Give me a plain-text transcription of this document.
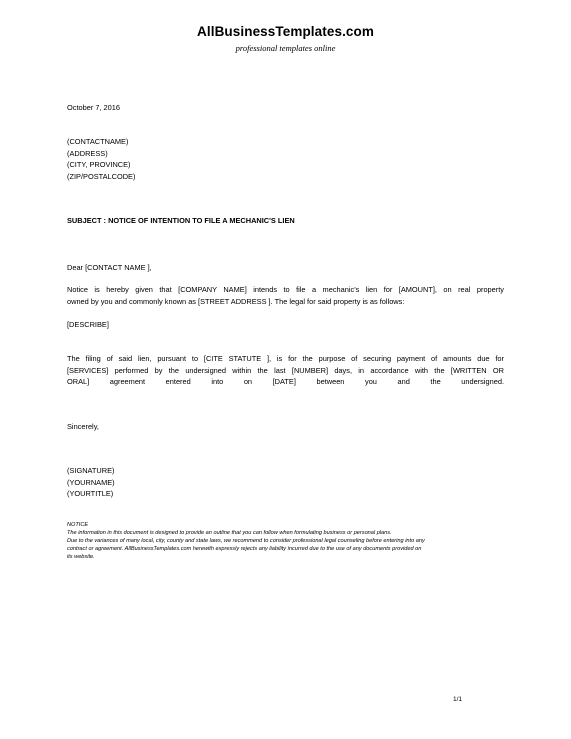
AllBusinessTemplates.com
professional templates online
October 7, 2016
(CONTACTNAME)
(ADDRESS)
(CITY, PROVINCE)
(ZIP/POSTALCODE)
SUBJECT : NOTICE OF INTENTION TO FILE A MECHANIC'S LIEN
Dear [CONTACT NAME ],
Notice is hereby given that [COMPANY NAME] intends to file a mechanic's lien for [AMOUNT], on real property
owned by you and commonly known as [STREET ADDRESS ]. The legal for said property is as follows:
[DESCRIBE]
The filing of said lien, pursuant to [CITE STATUTE ], is for the purpose of securing payment of amounts due for
[SERVICES] performed by the undersigned within the last [NUMBER] days, in accordance with the [WRITTEN OR
ORAL] agreement entered into on [DATE] between you and the undersigned.
Sincerely,
(SIGNATURE)
(YOURNAME)
(YOURTITLE)
NOTICE
The information in this document is designed to provide an outline that you can follow when formulating business or personal plans.
Due to the variances of many local, city, county and state laws, we recommend to consider professional legal counseling before entering into any
contract or agreement. AllBusinessTemplates.com herewith expressly rejects any liability incurred due to the use of any documents provided on
its website.
1/1
